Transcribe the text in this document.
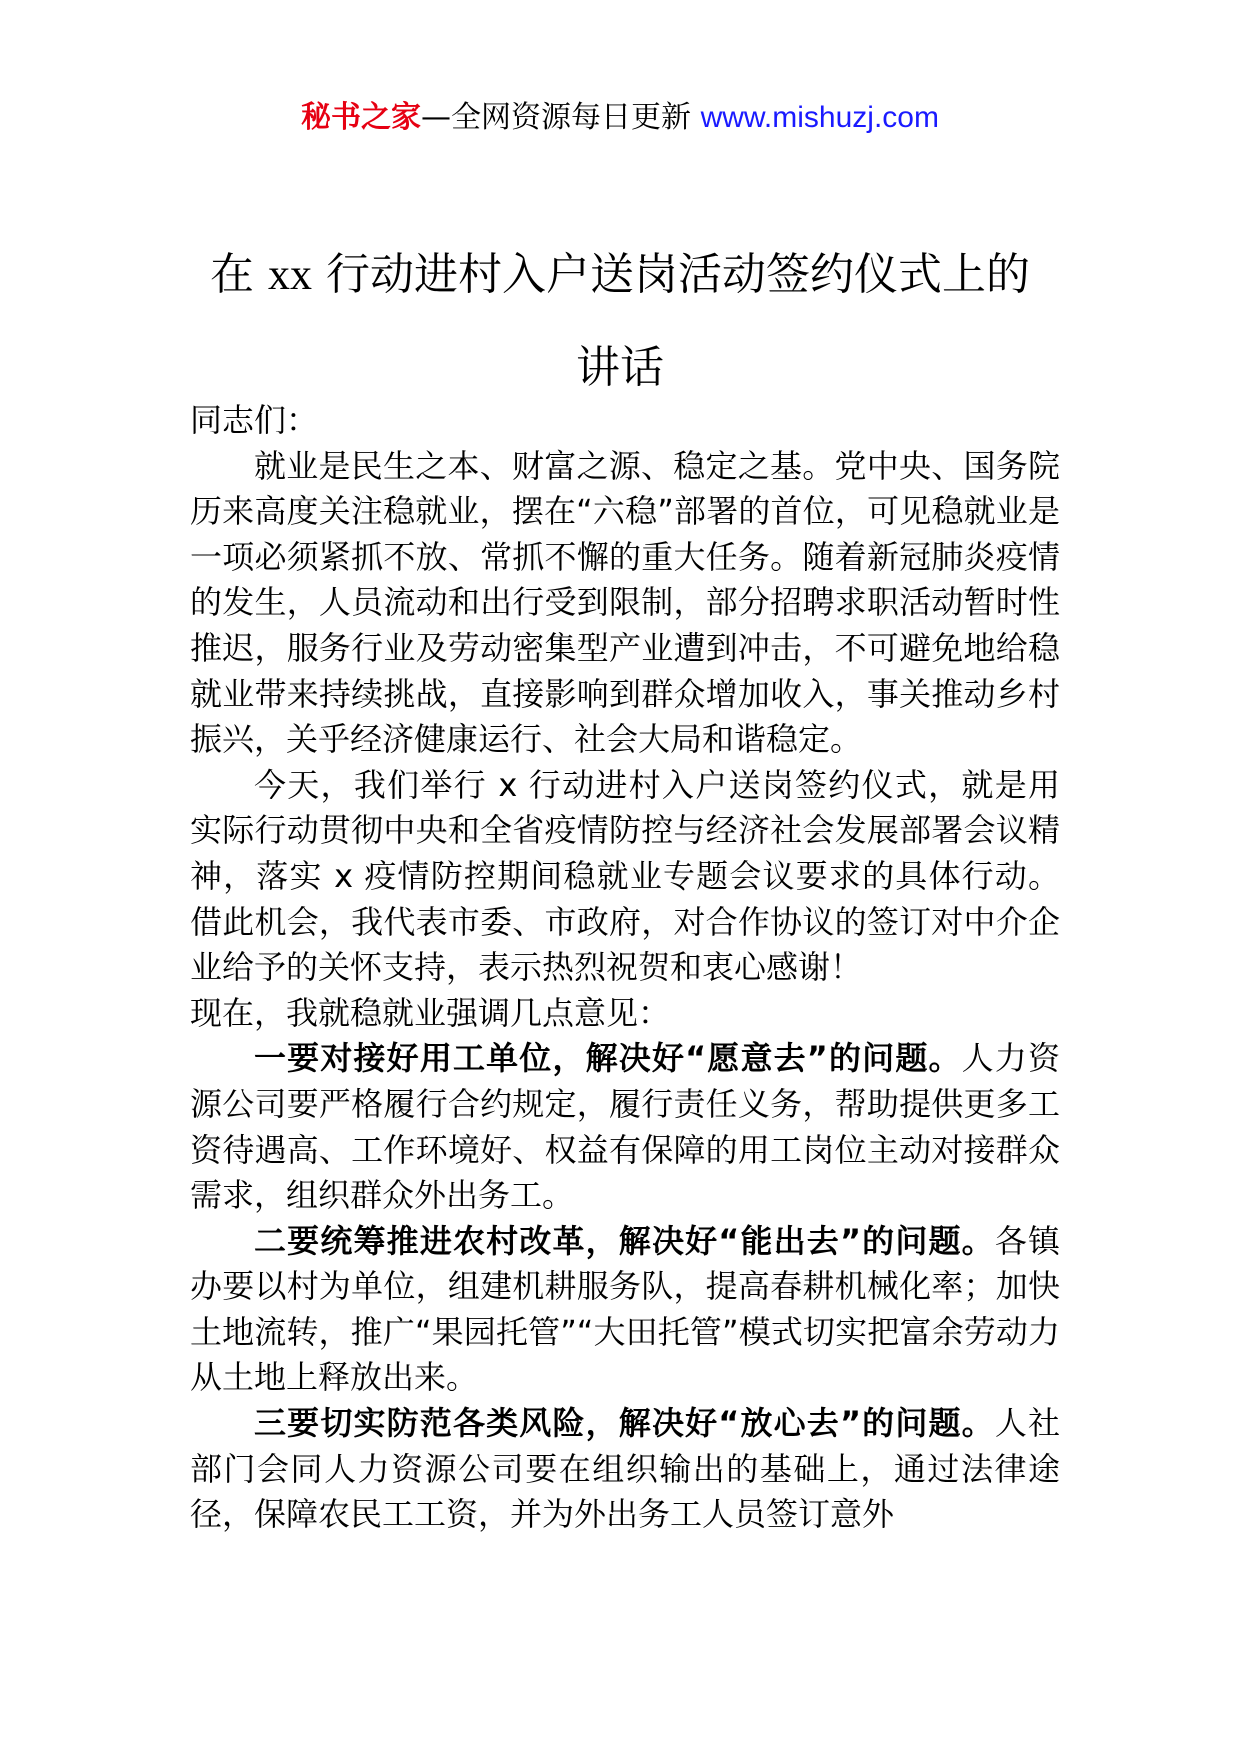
秘书之家—全网资源每日更新 www.mishuzj.com
在 xx 行动进村入户送岗活动签约仪式上的
讲话

同志们：

就业是民生之本、财富之源、稳定之基。党中央、国务院历来高度关注稳就业，摆在“六稳”部署的首位，可见稳就业是一项必须紧抓不放、常抓不懈的重大任务。随着新冠肺炎疫情的发生，人员流动和出行受到限制，部分招聘求职活动暂时性推迟，服务行业及劳动密集型产业遭到冲击，不可避免地给稳就业带来持续挑战，直接影响到群众增加收入，事关推动乡村振兴，关乎经济健康运行、社会大局和谐稳定。

今天，我们举行 x 行动进村入户送岗签约仪式，就是用实际行动贯彻中央和全省疫情防控与经济社会发展部署会议精神，落实 x 疫情防控期间稳就业专题会议要求的具体行动。借此机会，我代表市委、市政府，对合作协议的签订对中介企业给予的关怀支持，表示热烈祝贺和衷心感谢！

现在，我就稳就业强调几点意见：

一要对接好用工单位，解决好“愿意去”的问题。人力资源公司要严格履行合约规定，履行责任义务，帮助提供更多工资待遇高、工作环境好、权益有保障的用工岗位主动对接群众需求，组织群众外出务工。

二要统筹推进农村改革，解决好“能出去”的问题。各镇办要以村为单位，组建机耕服务队，提高春耕机械化率；加快土地流转，推广“果园托管”“大田托管”模式切实把富余劳动力从土地上释放出来。

三要切实防范各类风险，解决好“放心去”的问题。人社部门会同人力资源公司要在组织输出的基础上，通过法律途径，保障农民工工资，并为外出务工人员签订意外
